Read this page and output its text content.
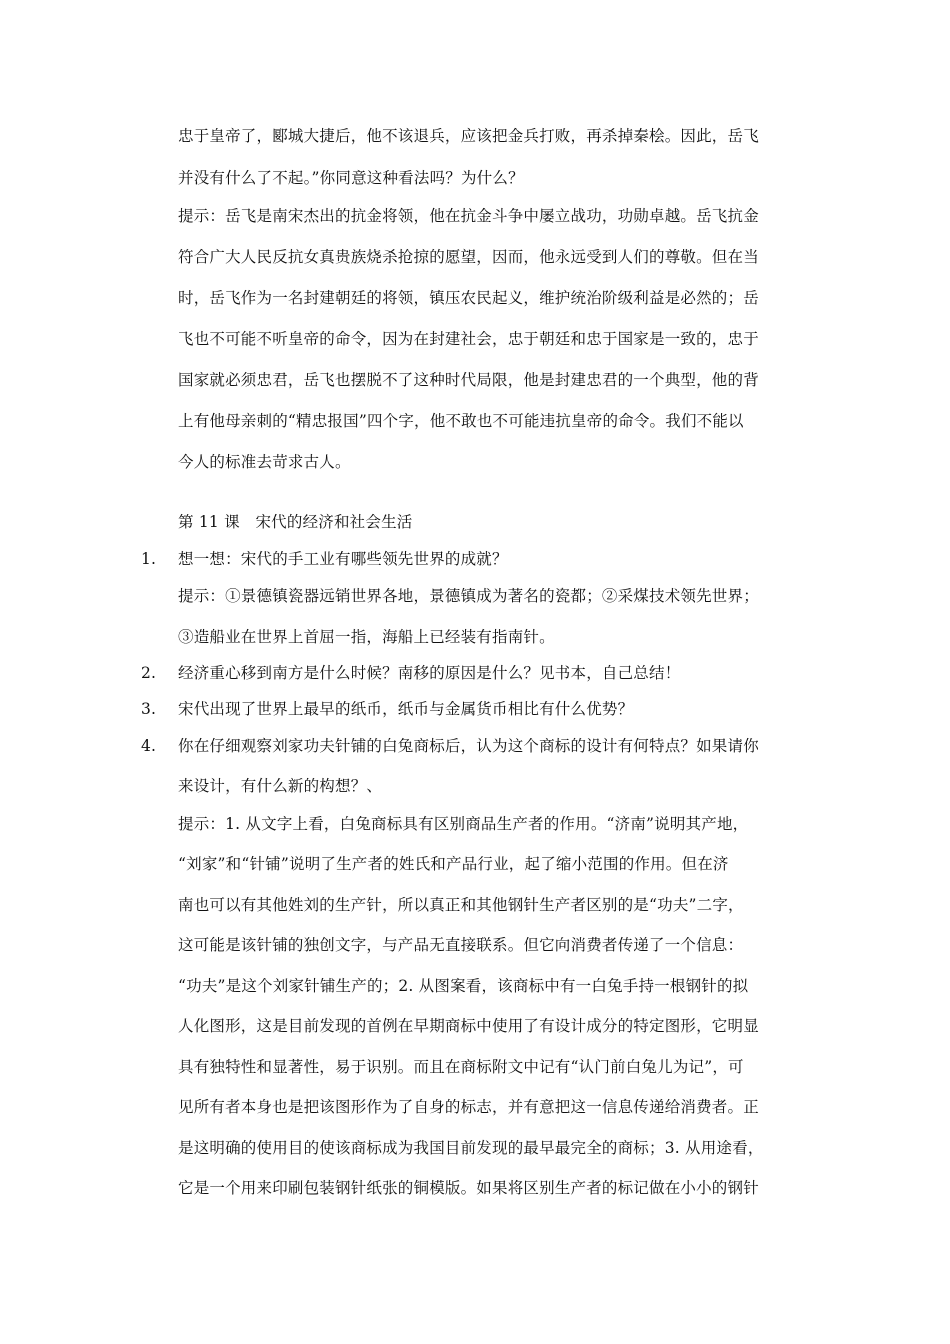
忠于皇帝了，郾城大捷后，他不该退兵，应该把金兵打败，再杀掉秦桧。因此，岳飞
并没有什么了不起。”你同意这种看法吗？为什么？
提示：岳飞是南宋杰出的抗金将领，他在抗金斗争中屡立战功，功勋卓越。岳飞抗金
符合广大人民反抗女真贵族烧杀抢掠的愿望，因而，他永远受到人们的尊敬。但在当
时，岳飞作为一名封建朝廷的将领，镇压农民起义，维护统治阶级利益是必然的；岳
飞也不可能不听皇帝的命令，因为在封建社会，忠于朝廷和忠于国家是一致的，忠于
国家就必须忠君，岳飞也摆脱不了这种时代局限，他是封建忠君的一个典型，他的背
上有他母亲刺的“精忠报国”四个字，他不敢也不可能违抗皇帝的命令。我们不能以
今人的标准去苛求古人。
第 11 课　宋代的经济和社会生活
1. 想一想：宋代的手工业有哪些领先世界的成就？
提示：①景德镇瓷器远销世界各地，景德镇成为著名的瓷都；②采煤技术领先世界；
③造船业在世界上首屈一指，海船上已经装有指南针。
2. 经济重心移到南方是什么时候？南移的原因是什么？见书本，自己总结！
3. 宋代出现了世界上最早的纸币，纸币与金属货币相比有什么优势？
4. 你在仔细观察刘家功夫针铺的白兔商标后，认为这个商标的设计有何特点？如果请你
来设计，有什么新的构想？、
提示：1. 从文字上看，白兔商标具有区别商品生产者的作用。“济南”说明其产地，
“刘家”和“针铺”说明了生产者的姓氏和产品行业，起了缩小范围的作用。但在济
南也可以有其他姓刘的生产针，所以真正和其他钢针生产者区别的是“功夫”二字，
这可能是该针铺的独创文字，与产品无直接联系。但它向消费者传递了一个信息：
“功夫”是这个刘家针铺生产的；2. 从图案看，该商标中有一白兔手持一根钢针的拟
人化图形，这是目前发现的首例在早期商标中使用了有设计成分的特定图形，它明显
具有独特性和显著性，易于识别。而且在商标附文中记有“认门前白兔儿为记”，可
见所有者本身也是把该图形作为了自身的标志，并有意把这一信息传递给消费者。正
是这明确的使用目的使该商标成为我国目前发现的最早最完全的商标；3. 从用途看，
它是一个用来印刷包装钢针纸张的铜模版。如果将区别生产者的标记做在小小的钢针
